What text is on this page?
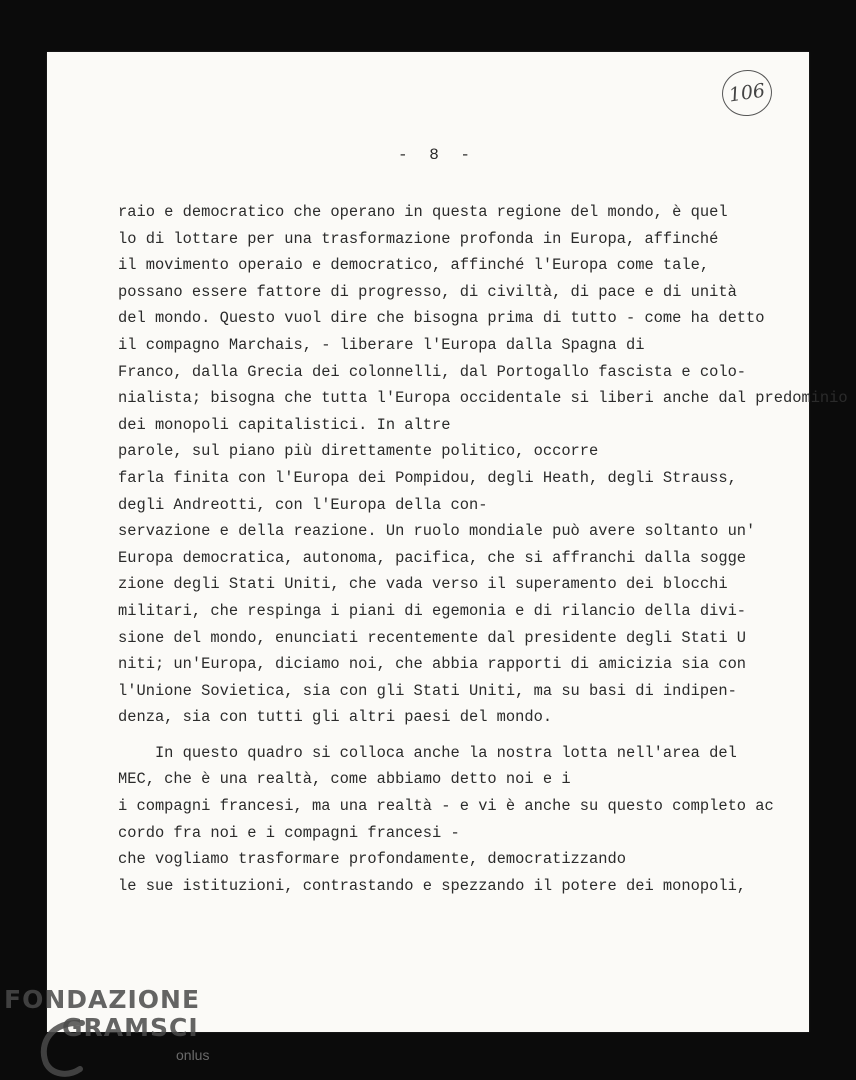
106
- 8 -
raio e democratico che operano in questa regione del mondo, è quel
lo di lottare per una trasformazione profonda in Europa, affinché
il movimento operaio e democratico, affinché l'Europa come tale,
possano essere fattore di progresso, di civiltà, di pace e di unità
del mondo. Questo vuol dire che bisogna prima di tutto - come ha detto
il compagno Marchais, - liberare l'Europa dalla Spagna di
Franco, dalla Grecia dei colonnelli, dal Portogallo fascista e colo-
nialista; bisogna che tutta l'Europa occidentale si liberi anche dal predominio
dei monopoli capitalistici. In altre
parole, sul piano più direttamente politico, occorre
farla finita con l'Europa dei Pompidou, degli Heath, degli Strauss,
degli Andreotti, con l'Europa della con-
servazione e della reazione. Un ruolo mondiale può avere soltanto un'
Europa democratica, autonoma, pacifica, che si affranchi dalla sogge
zione degli Stati Uniti, che vada verso il superamento dei blocchi
militari, che respinga i piani di egemonia e di rilancio della divi-
sione del mondo, enunciati recentemente dal presidente degli Stati U
niti; un'Europa, diciamo noi, che abbia rapporti di amicizia sia con
l'Unione Sovietica, sia con gli Stati Uniti, ma su basi di indipen-
denza, sia con tutti gli altri paesi del mondo.
In questo quadro si colloca anche la nostra lotta nell'area del
MEC, che è una realtà, come abbiamo detto noi e i
i compagni francesi, ma una realtà - e vi è anche su questo completo ac
cordo fra noi e i compagni francesi -
che vogliamo trasformare profondamente, democratizzando
le sue istituzioni, contrastando e spezzando il potere dei monopoli,
FONDAZIONE
GRAMSCI
onlus
